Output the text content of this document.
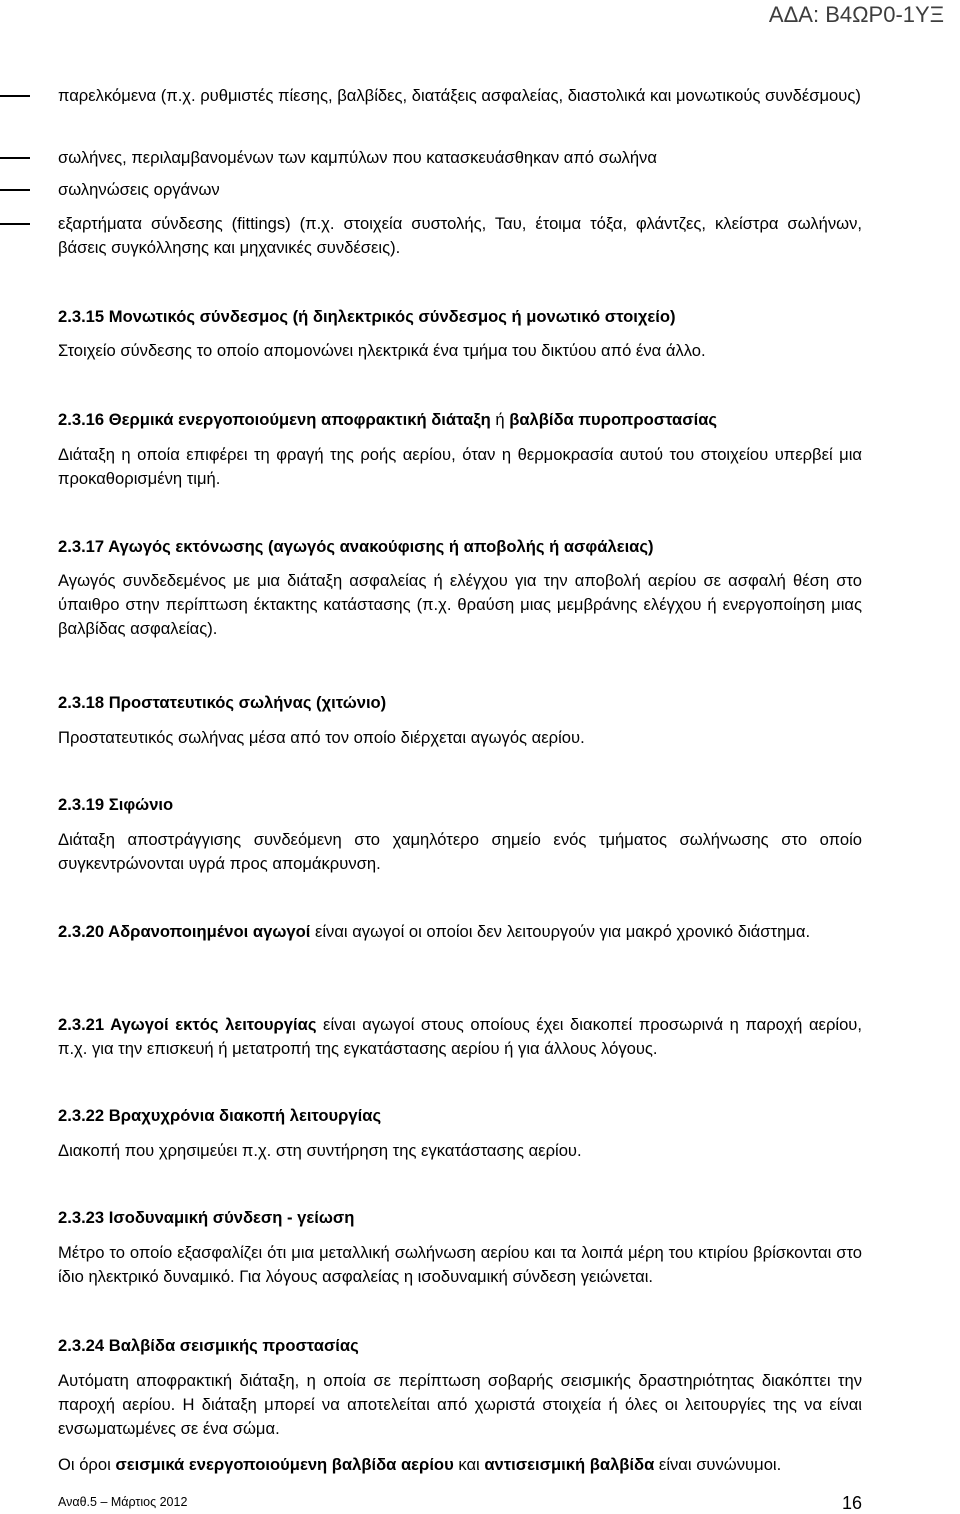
ΑΔΑ: Β4ΩΡ0-1ΥΞ
παρελκόμενα (π.χ. ρυθμιστές πίεσης, βαλβίδες, διατάξεις ασφαλείας, διαστολικά και μονωτικούς συνδέσμους)
σωλήνες, περιλαμβανομένων των καμπύλων που κατασκευάσθηκαν από σωλήνα
σωληνώσεις οργάνων
εξαρτήματα σύνδεσης (fittings) (π.χ. στοιχεία συστολής, Ταυ, έτοιμα τόξα, φλάντζες, κλείστρα σωλήνων, βάσεις συγκόλλησης και μηχανικές συνδέσεις).
2.3.15 Μονωτικός σύνδεσμος (ή διηλεκτρικός σύνδεσμος ή μονωτικό στοιχείο)
Στοιχείο σύνδεσης το οποίο απομονώνει ηλεκτρικά ένα τμήμα του δικτύου από ένα άλλο.
2.3.16 Θερμικά ενεργοποιούμενη αποφρακτική διάταξη ή βαλβίδα πυροπροστασίας
Διάταξη η οποία επιφέρει τη φραγή της ροής αερίου, όταν η θερμοκρασία αυτού του στοιχείου υπερβεί μια προκαθορισμένη τιμή.
2.3.17 Αγωγός εκτόνωσης (αγωγός ανακούφισης ή αποβολής ή ασφάλειας)
Αγωγός συνδεδεμένος με μια διάταξη ασφαλείας ή ελέγχου για την αποβολή αερίου σε ασφαλή θέση στο ύπαιθρο στην περίπτωση έκτακτης κατάστασης (π.χ. θραύση μιας μεμβράνης ελέγχου ή ενεργοποίηση μιας βαλβίδας ασφαλείας).
2.3.18 Προστατευτικός σωλήνας (χιτώνιο)
Προστατευτικός σωλήνας μέσα από τον οποίο διέρχεται αγωγός αερίου.
2.3.19 Σιφώνιο
Διάταξη αποστράγγισης συνδεόμενη στο χαμηλότερο σημείο ενός τμήματος σωλήνωσης στο οποίο συγκεντρώνονται υγρά προς απομάκρυνση.
2.3.20 Αδρανοποιημένοι αγωγοί είναι αγωγοί οι οποίοι δεν λειτουργούν για μακρό χρονικό διάστημα.
2.3.21 Αγωγοί εκτός λειτουργίας είναι αγωγοί στους οποίους έχει διακοπεί προσωρινά η παροχή αερίου, π.χ. για την επισκευή ή μετατροπή της εγκατάστασης αερίου ή για άλλους λόγους.
2.3.22 Βραχυχρόνια διακοπή λειτουργίας
Διακοπή που χρησιμεύει π.χ. στη συντήρηση της εγκατάστασης αερίου.
2.3.23 Ισοδυναμική σύνδεση - γείωση
Μέτρο το οποίο εξασφαλίζει ότι μια μεταλλική σωλήνωση αερίου και τα λοιπά μέρη του κτιρίου βρίσκονται στο ίδιο ηλεκτρικό δυναμικό. Για λόγους ασφαλείας η ισοδυναμική σύνδεση γειώνεται.
2.3.24 Βαλβίδα σεισμικής προστασίας
Αυτόματη αποφρακτική διάταξη, η οποία σε περίπτωση σοβαρής σεισμικής δραστηριότητας διακόπτει την παροχή αερίου. Η διάταξη μπορεί να αποτελείται από χωριστά στοιχεία ή όλες οι λειτουργίες της να είναι ενσωματωμένες σε ένα σώμα.
Οι όροι σεισμικά ενεργοποιούμενη βαλβίδα αερίου και αντισεισμική βαλβίδα είναι συνώνυμοι.
Αναθ.5 – Μάρτιος 2012	16
